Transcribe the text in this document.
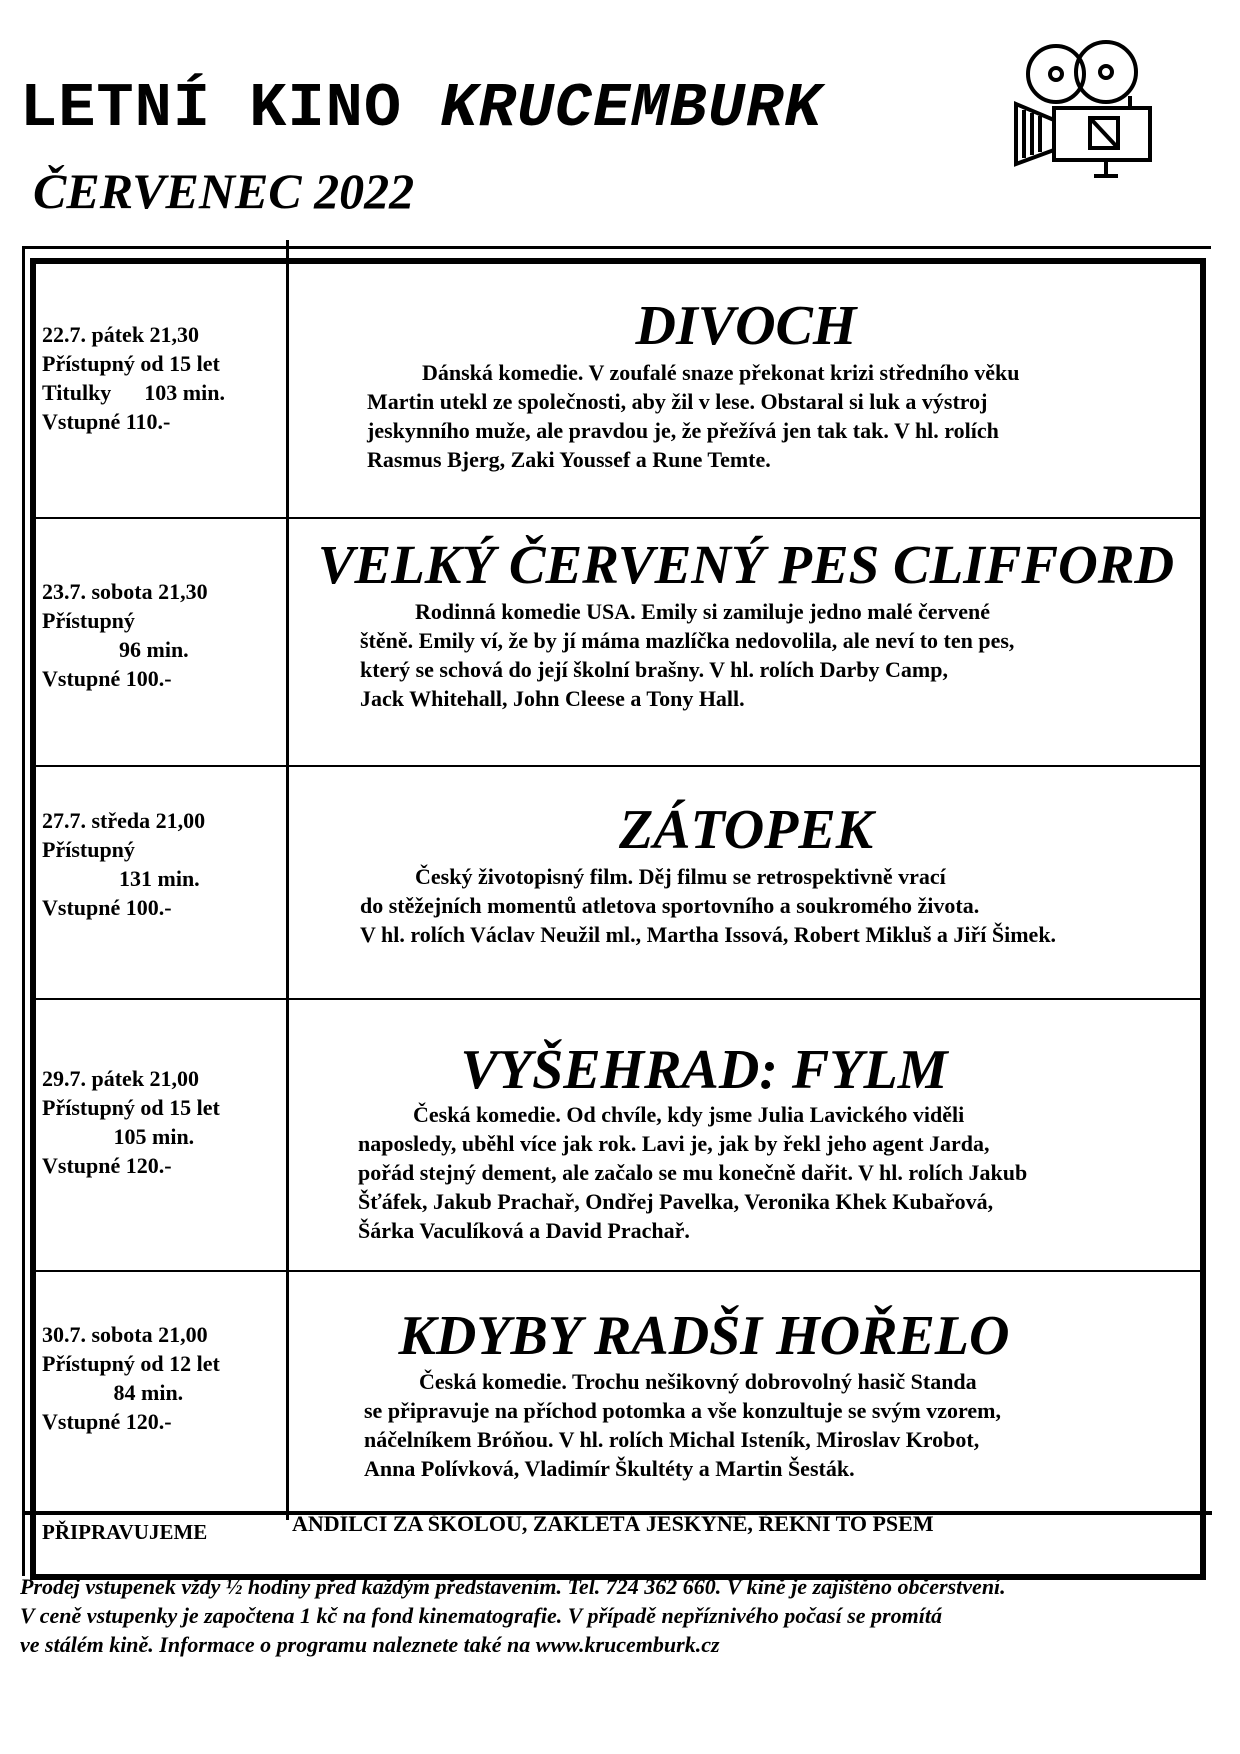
LETNÍ KINO KRUCEMBURK
ČERVENEC 2022
22.7. pátek 21,30
Přístupný od 15 let
Titulky      103 min.
Vstupné 110.-
DIVOCH
Dánská komedie. V zoufalé snaze překonat krizi středního věku
Martin utekl ze společnosti, aby žil v lese. Obstaral si luk a výstroj
jeskynního muže, ale pravdou je, že přežívá jen tak tak. V hl. rolích
Rasmus Bjerg, Zaki Youssef a Rune Temte.
23.7. sobota 21,30
Přístupný
96 min.
Vstupné 100.-
VELKÝ ČERVENÝ PES CLIFFORD
Rodinná komedie USA. Emily si zamiluje jedno malé červené
štěně. Emily ví, že by jí máma mazlíčka nedovolila, ale neví to ten pes,
který se schová do její školní brašny. V hl. rolích Darby Camp,
Jack Whitehall, John Cleese a Tony Hall.
27.7. středa 21,00
Přístupný
131 min.
Vstupné 100.-
ZÁTOPEK
Český životopisný film. Děj filmu se retrospektivně vrací
do stěžejních momentů atletova sportovního a soukromého života.
V hl. rolích Václav Neužil ml., Martha Issová, Robert Mikluš a Jiří Šimek.
29.7. pátek 21,00
Přístupný od 15 let
105 min.
Vstupné 120.-
VYŠEHRAD: FYLM
Česká komedie. Od chvíle, kdy jsme Julia Lavického viděli
naposledy, uběhl více jak rok. Lavi je, jak by řekl jeho agent Jarda,
pořád stejný dement, ale začalo se mu konečně dařit. V hl. rolích Jakub
Šťáfek, Jakub Prachař, Ondřej Pavelka, Veronika Khek Kubařová,
Šárka Vaculíková a David Prachař.
30.7. sobota 21,00
Přístupný od 12 let
84 min.
Vstupné 120.-
KDYBY RADŠI HOŘELO
Česká komedie. Trochu nešikovný dobrovolný hasič Standa
se připravuje na příchod potomka a vše konzultuje se svým vzorem,
náčelníkem Bróňou. V hl. rolích Michal Isteník, Miroslav Krobot,
Anna Polívková, Vladimír Škultéty a Martin Šesták.
PŘIPRAVUJEME	ANDÍLCI ZA ŠKOLOU, ZAKLETÁ JESKYNĚ, ŘEKNI TO PSEM
Prodej vstupenek vždy ½ hodiny před každým představením. Tel. 724 362 660. V kině je zajištěno občerstvení.
V ceně vstupenky je započtena 1 kč na fond kinematografie. V případě nepříznivého počasí se promítá
ve stálém kině. Informace o programu naleznete také na www.krucemburk.cz
